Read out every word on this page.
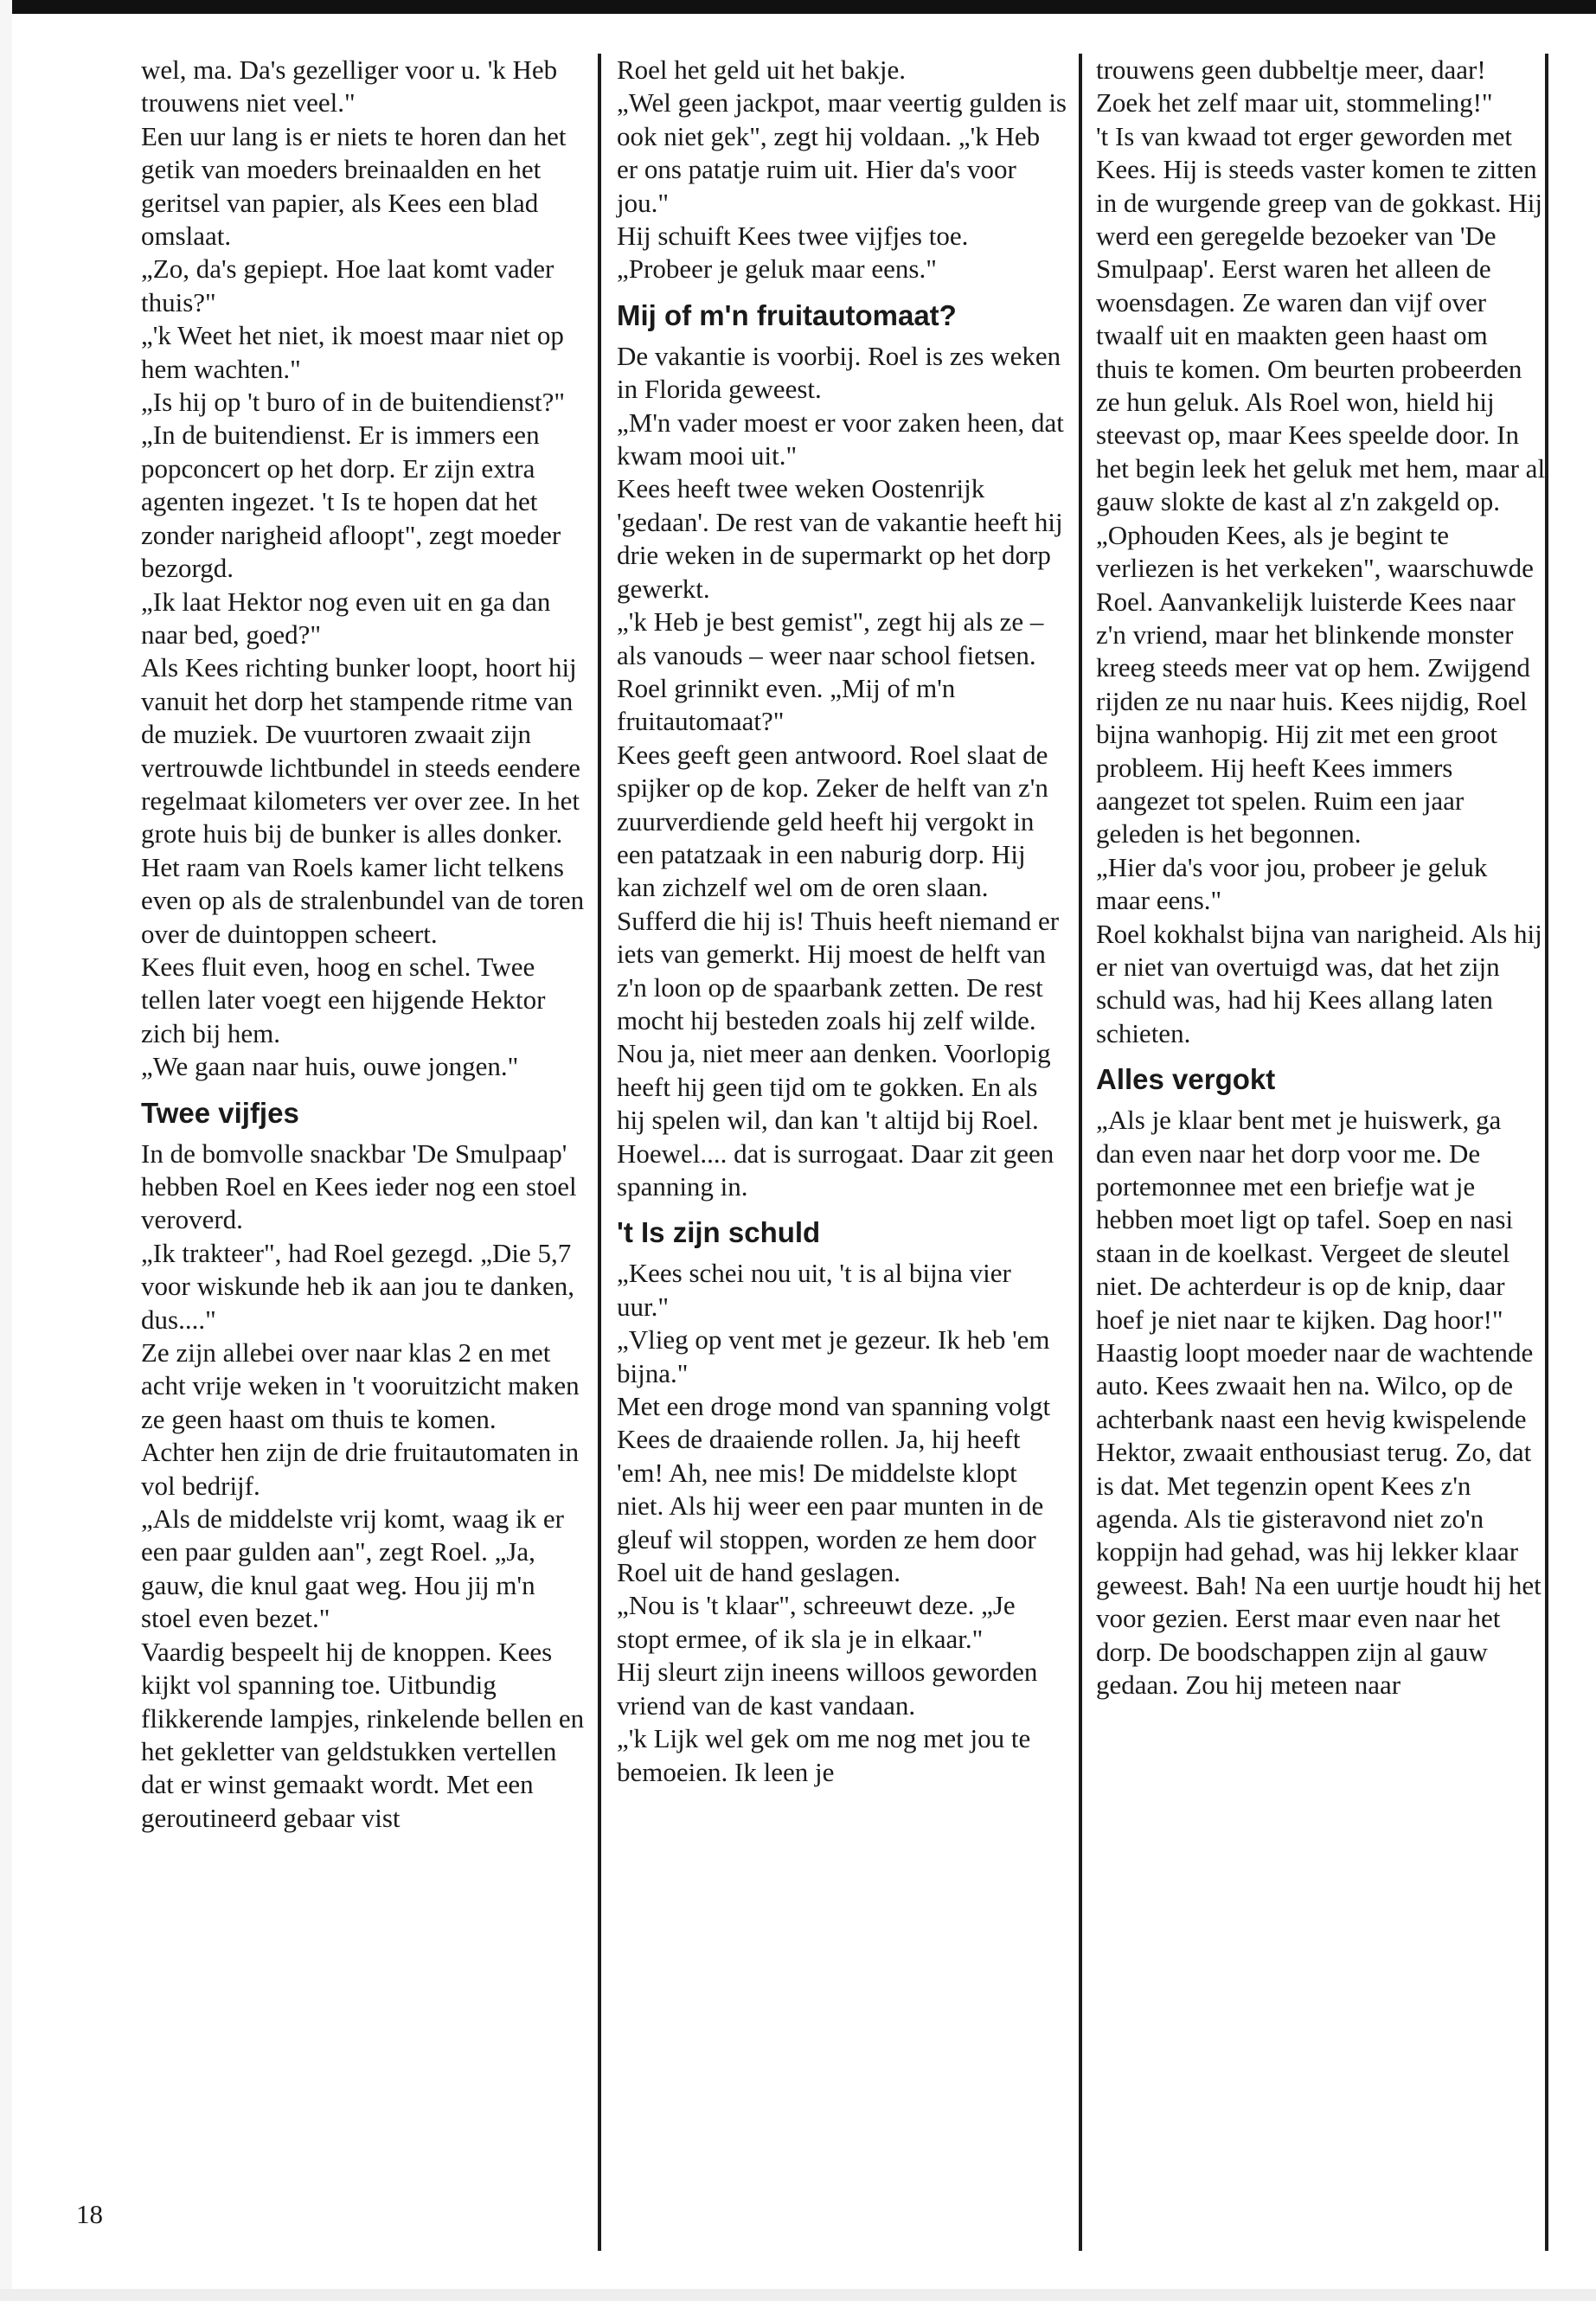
wel, ma. Da's gezelliger voor u. 'k Heb trouwens niet veel."

Een uur lang is er niets te horen dan het getik van moeders breinaalden en het geritsel van papier, als Kees een blad omslaat.

„Zo, da's gepiept. Hoe laat komt vader thuis?"

„'k Weet het niet, ik moest maar niet op hem wachten."

„Is hij op 't buro of in de buitendienst?"

„In de buitendienst. Er is immers een popconcert op het dorp. Er zijn extra agenten ingezet. 't Is te hopen dat het zonder narigheid afloopt", zegt moeder bezorgd.

„Ik laat Hektor nog even uit en ga dan naar bed, goed?"

Als Kees richting bunker loopt, hoort hij vanuit het dorp het stampende ritme van de muziek. De vuurtoren zwaait zijn vertrouwde lichtbundel in steeds eendere regelmaat kilometers ver over zee. In het grote huis bij de bunker is alles donker. Het raam van Roels kamer licht telkens even op als de stralenbundel van de toren over de duintoppen scheert.

Kees fluit even, hoog en schel. Twee tellen later voegt een hijgende Hektor zich bij hem.

„We gaan naar huis, ouwe jongen."

Twee vijfjes

In de bomvolle snackbar 'De Smulpaap' hebben Roel en Kees ieder nog een stoel veroverd.

„Ik trakteer", had Roel gezegd. „Die 5,7 voor wiskunde heb ik aan jou te danken, dus...."

Ze zijn allebei over naar klas 2 en met acht vrije weken in 't vooruitzicht maken ze geen haast om thuis te komen.

Achter hen zijn de drie fruitautomaten in vol bedrijf.

„Als de middelste vrij komt, waag ik er een paar gulden aan", zegt Roel. „Ja, gauw, die knul gaat weg. Hou jij m'n stoel even bezet."

Vaardig bespeelt hij de knoppen. Kees kijkt vol spanning toe. Uitbundig flikkerende lampjes, rinkelende bellen en het gekletter van geldstukken vertellen dat er winst gemaakt wordt. Met een geroutineerd gebaar vist

Roel het geld uit het bakje.

„Wel geen jackpot, maar veertig gulden is ook niet gek", zegt hij voldaan. „'k Heb er ons patatje ruim uit. Hier da's voor jou."

Hij schuift Kees twee vijfjes toe. „Probeer je geluk maar eens."

Mij of m'n fruitautomaat?

De vakantie is voorbij. Roel is zes weken in Florida geweest.

„M'n vader moest er voor zaken heen, dat kwam mooi uit."

Kees heeft twee weken Oostenrijk 'gedaan'. De rest van de vakantie heeft hij drie weken in de supermarkt op het dorp gewerkt.

„'k Heb je best gemist", zegt hij als ze – als vanouds – weer naar school fietsen.

Roel grinnikt even. „Mij of m'n fruitautomaat?"

Kees geeft geen antwoord. Roel slaat de spijker op de kop. Zeker de helft van z'n zuurverdiende geld heeft hij vergokt in een patatzaak in een naburig dorp. Hij kan zichzelf wel om de oren slaan. Sufferd die hij is! Thuis heeft niemand er iets van gemerkt. Hij moest de helft van z'n loon op de spaarbank zetten. De rest mocht hij besteden zoals hij zelf wilde. Nou ja, niet meer aan denken. Voorlopig heeft hij geen tijd om te gokken. En als hij spelen wil, dan kan 't altijd bij Roel. Hoewel.... dat is surrogaat. Daar zit geen spanning in.

't Is zijn schuld

„Kees schei nou uit, 't is al bijna vier uur."

„Vlieg op vent met je gezeur. Ik heb 'em bijna."

Met een droge mond van spanning volgt Kees de draaiende rollen. Ja, hij heeft 'em! Ah, nee mis! De middelste klopt niet. Als hij weer een paar munten in de gleuf wil stoppen, worden ze hem door Roel uit de hand geslagen.

„Nou is 't klaar", schreeuwt deze. „Je stopt ermee, of ik sla je in elkaar."

Hij sleurt zijn ineens willoos geworden vriend van de kast vandaan.

„'k Lijk wel gek om me nog met jou te bemoeien. Ik leen je

trouwens geen dubbeltje meer, daar! Zoek het zelf maar uit, stommeling!"

't Is van kwaad tot erger geworden met Kees. Hij is steeds vaster komen te zitten in de wurgende greep van de gokkast. Hij werd een geregelde bezoeker van 'De Smulpaap'. Eerst waren het alleen de woensdagen. Ze waren dan vijf over twaalf uit en maakten geen haast om thuis te komen. Om beurten probeerden ze hun geluk. Als Roel won, hield hij steevast op, maar Kees speelde door. In het begin leek het geluk met hem, maar al gauw slokte de kast al z'n zakgeld op.

„Ophouden Kees, als je begint te verliezen is het verkeken", waarschuwde Roel. Aanvankelijk luisterde Kees naar z'n vriend, maar het blinkende monster kreeg steeds meer vat op hem. Zwijgend rijden ze nu naar huis. Kees nijdig, Roel bijna wanhopig. Hij zit met een groot probleem. Hij heeft Kees immers aangezet tot spelen. Ruim een jaar geleden is het begonnen.

„Hier da's voor jou, probeer je geluk maar eens."

Roel kokhalst bijna van narigheid. Als hij er niet van overtuigd was, dat het zijn schuld was, had hij Kees allang laten schieten.

Alles vergokt

„Als je klaar bent met je huiswerk, ga dan even naar het dorp voor me. De portemonnee met een briefje wat je hebben moet ligt op tafel. Soep en nasi staan in de koelkast. Vergeet de sleutel niet. De achterdeur is op de knip, daar hoef je niet naar te kijken. Dag hoor!"

Haastig loopt moeder naar de wachtende auto. Kees zwaait hen na. Wilco, op de achterbank naast een hevig kwispelende Hektor, zwaait enthousiast terug. Zo, dat is dat. Met tegenzin opent Kees z'n agenda. Als tie gisteravond niet zo'n koppijn had gehad, was hij lekker klaar geweest. Bah! Na een uurtje houdt hij het voor gezien. Eerst maar even naar het dorp. De boodschappen zijn al gauw gedaan. Zou hij meteen naar

18
